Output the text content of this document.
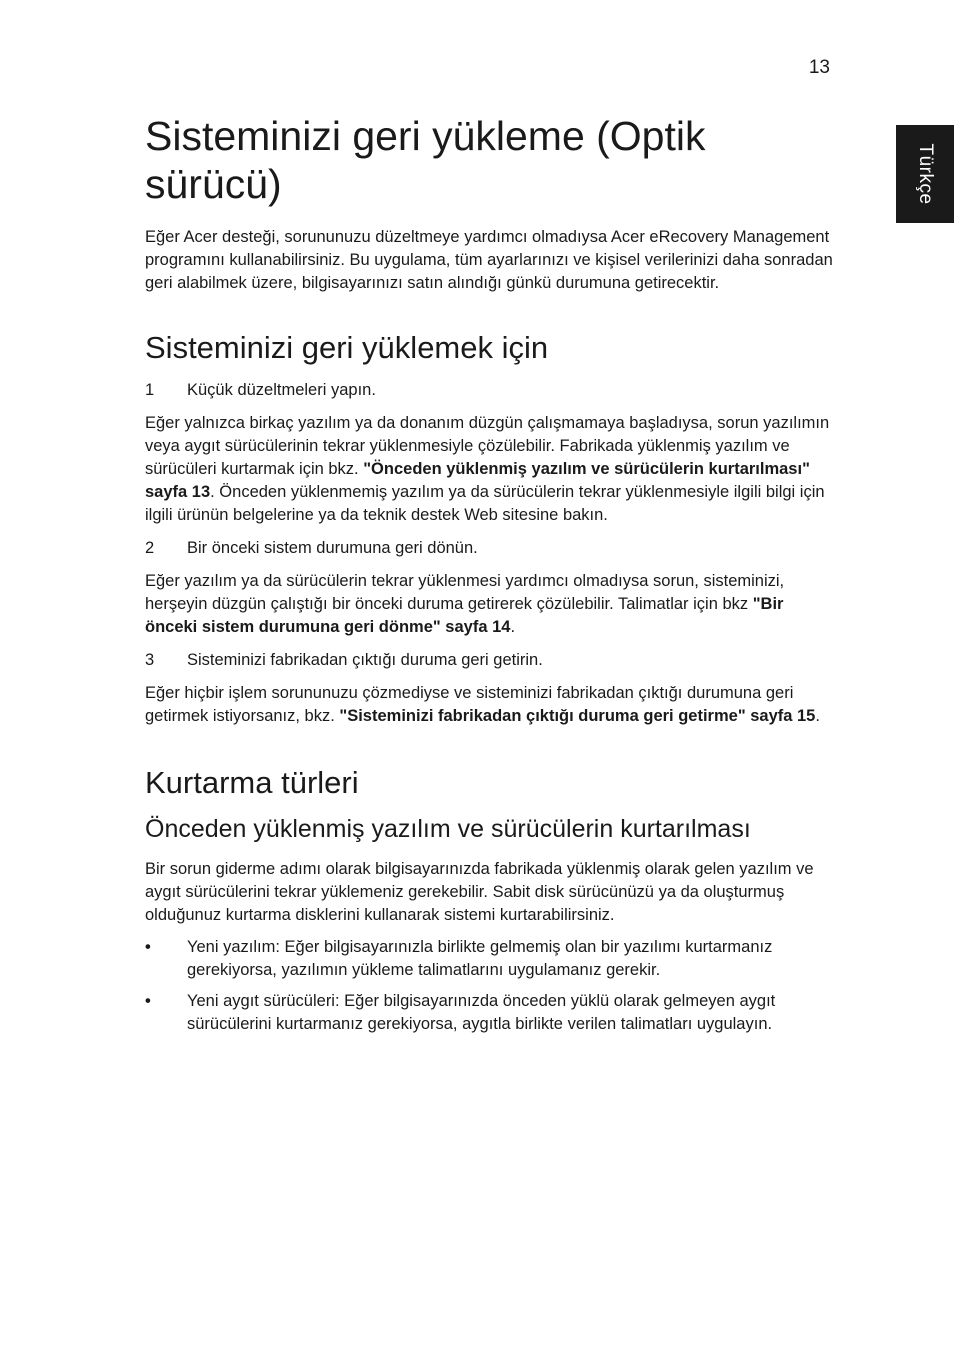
13
Türkçe
Sisteminizi geri yükleme (Optik sürücü)

Eğer Acer desteği, sorununuzu düzeltmeye yardımcı olmadıysa Acer eRecovery Management programını kullanabilirsiniz. Bu uygulama, tüm ayarlarınızı ve kişisel verilerinizi daha sonradan geri alabilmek üzere, bilgisayarınızı satın alındığı günkü durumuna getirecektir.

Sisteminizi geri yüklemek için
1	Küçük düzeltmeleri yapın.

Eğer yalnızca birkaç yazılım ya da donanım düzgün çalışmamaya başladıysa, sorun yazılımın veya aygıt sürücülerinin tekrar yüklenmesiyle çözülebilir. Fabrikada yüklenmiş yazılım ve sürücüleri kurtarmak için bkz. "Önceden yüklenmiş yazılım ve sürücülerin kurtarılması" sayfa 13. Önceden yüklenmemiş yazılım ya da sürücülerin tekrar yüklenmesiyle ilgili bilgi için ilgili ürünün belgelerine ya da teknik destek Web sitesine bakın.

2	Bir önceki sistem durumuna geri dönün.

Eğer yazılım ya da sürücülerin tekrar yüklenmesi yardımcı olmadıysa sorun, sisteminizi, herşeyin düzgün çalıştığı bir önceki duruma getirerek çözülebilir. Talimatlar için bkz "Bir önceki sistem durumuna geri dönme" sayfa 14.

3	Sisteminizi fabrikadan çıktığı duruma geri getirin.

Eğer hiçbir işlem sorununuzu çözmediyse ve sisteminizi fabrikadan çıktığı durumuna geri getirmek istiyorsanız, bkz. "Sisteminizi fabrikadan çıktığı duruma geri getirme" sayfa 15.

Kurtarma türleri
Önceden yüklenmiş yazılım ve sürücülerin kurtarılması

Bir sorun giderme adımı olarak bilgisayarınızda fabrikada yüklenmiş olarak gelen yazılım ve aygıt sürücülerini tekrar yüklemeniz gerekebilir. Sabit disk sürücünüzü ya da oluşturmuş olduğunuz kurtarma disklerini kullanarak sistemi kurtarabilirsiniz.

•	Yeni yazılım: Eğer bilgisayarınızla birlikte gelmemiş olan bir yazılımı kurtarmanız gerekiyorsa, yazılımın yükleme talimatlarını uygulamanız gerekir.
•	Yeni aygıt sürücüleri: Eğer bilgisayarınızda önceden yüklü olarak gelmeyen aygıt sürücülerini kurtarmanız gerekiyorsa, aygıtla birlikte verilen talimatları uygulayın.
